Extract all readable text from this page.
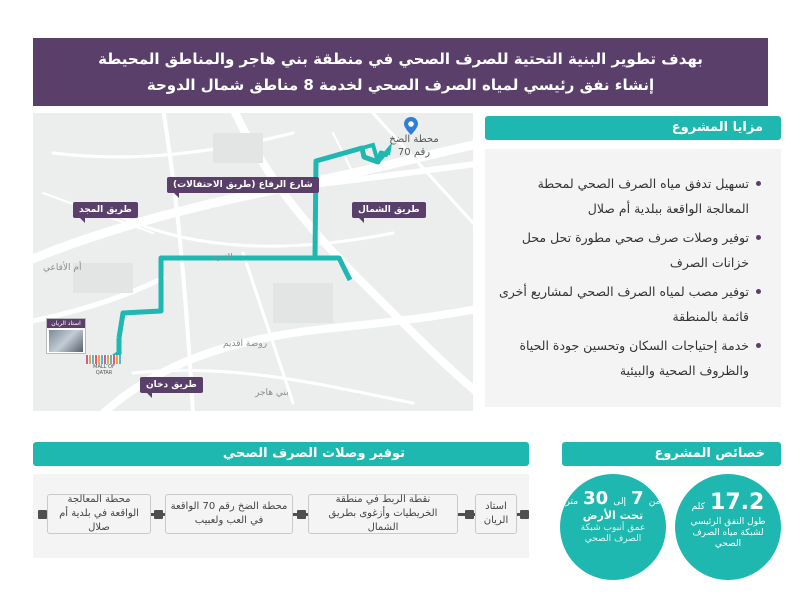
بهدف تطوير البنية التحتية للصرف الصحي في منطقة بني هاجر والمناطق المحيطة
إنشاء نفق رئيسي لمياه الصرف الصحي لخدمة 8 مناطق شمال الدوحة
طريق المجد
شارع الرفاع (طريق الاحتفالات)
طريق الشمال
طريق دخان
الثميد
أم الأفاعي
روضة اقديم
بني هاجر
محطة الضخ رقم 70
استاد الريان
MALL OF QATAR
مزايا المشروع
تسهيل تدفق مياه الصرف الصحي لمحطة المعالجة الواقعة ببلدية أم صلال
توفير وصلات صرف صحي مطورة تحل محل خزانات الصرف
توفير مصب لمياه الصرف الصحي لمشاريع أخرى قائمة بالمنطقة
خدمة إحتياجات السكان وتحسين جودة الحياة والظروف الصحية والبيئية
توفير وصلات الصرف الصحي
استاد الريان
نقطة الربط في منطقة الخريطيات وأزغوى بطريق الشمال
محطة الضخ رقم 70 الواقعة في العب ولعبيب
محطة المعالجة الواقعة في بلدية أم صلال
خصائص المشروع
17.2 كلم
طول النفق الرئيسي لشبكة مياه الصرف الصحي
من 7 إلى 30 متر
تحت الأرض
عمق أنبوب شبكة الصرف الصحي
